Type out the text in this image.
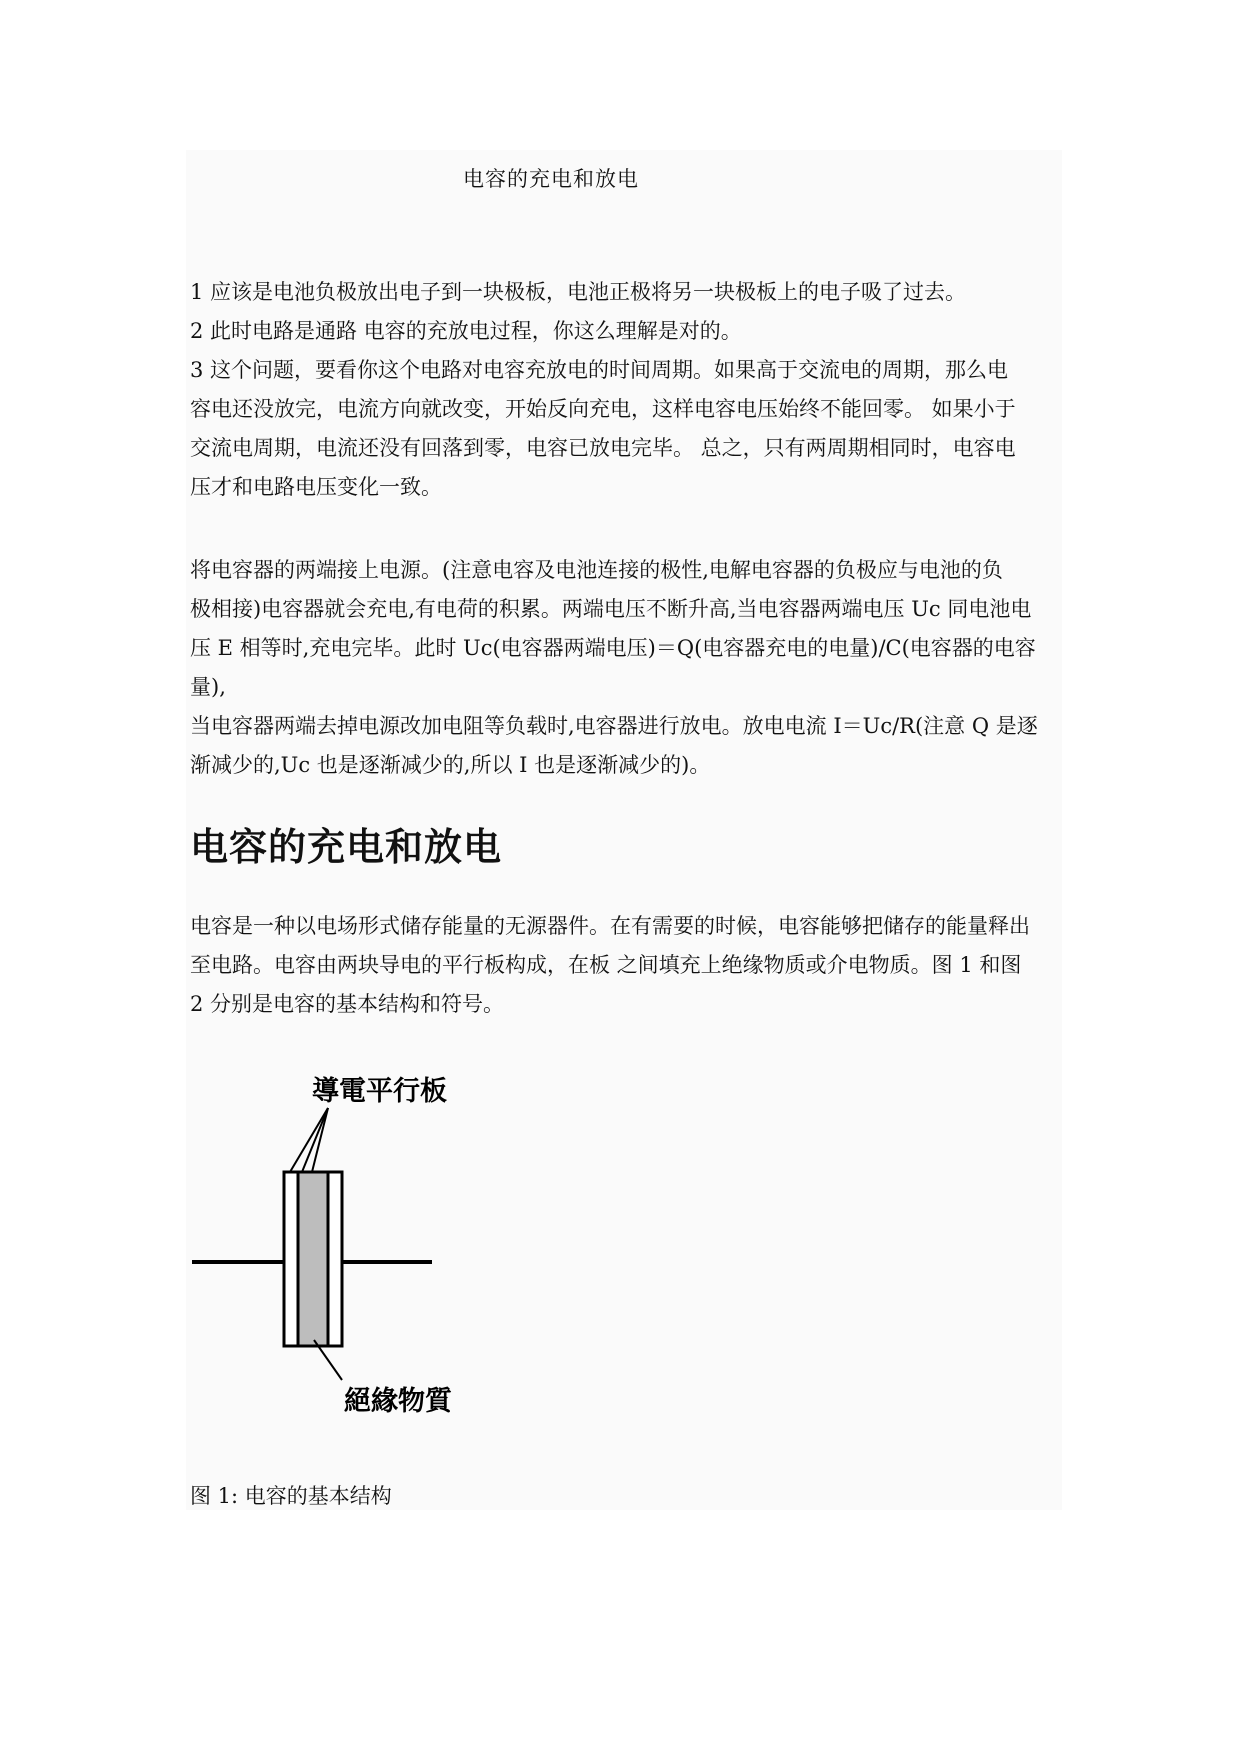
电容的充电和放电

1 应该是电池负极放出电子到一块极板，电池正极将另一块极板上的电子吸了过去。

2 此时电路是通路 电容的充放电过程，你这么理解是对的。

3 这个问题，要看你这个电路对电容充放电的时间周期。如果高于交流电的周期，那么电

容电还没放完，电流方向就改变，开始反向充电，这样电容电压始终不能回零。 如果小于

交流电周期，电流还没有回落到零，电容已放电完毕。 总之，只有两周期相同时，电容电

压才和电路电压变化一致。

将电容器的两端接上电源。(注意电容及电池连接的极性,电解电容器的负极应与电池的负

极相接)电容器就会充电,有电荷的积累。两端电压不断升高,当电容器两端电压 Uc 同电池电

压 E 相等时,充电完毕。此时 Uc(电容器两端电压)＝Q(电容器充电的电量)/C(电容器的电容

量),

当电容器两端去掉电源改加电阻等负载时,电容器进行放电。放电电流 I＝Uc/R(注意 Q 是逐

渐减少的,Uc 也是逐渐减少的,所以 I 也是逐渐减少的)。

电容的充电和放电

电容是一种以电场形式储存能量的无源器件。在有需要的时候，电容能够把储存的能量释出

至电路。电容由两块导电的平行板构成，在板 之间填充上绝缘物质或介电物质。图 1 和图

2 分别是电容的基本结构和符号。

導電平行板
絕緣物質
图 1: 电容的基本结构
